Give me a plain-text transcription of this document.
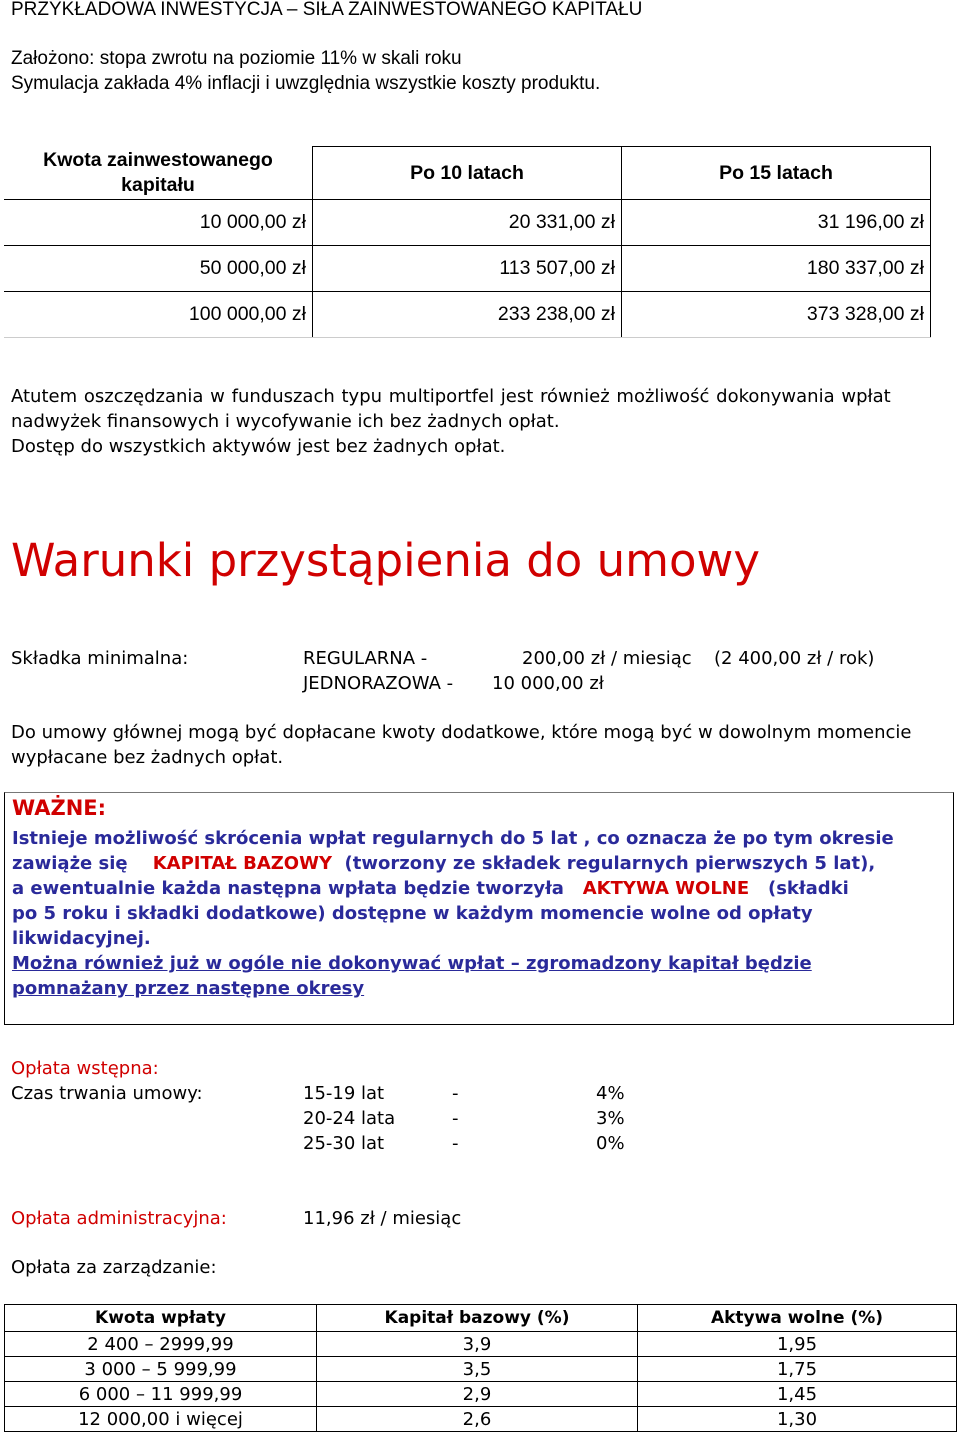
PRZYKŁADOWA INWESTYCJA – SIŁA ZAINWESTOWANEGO KAPITAŁU
Założono: stopa zwrotu na poziomie 11% w skali roku
Symulacja zakłada 4% inflacji i uwzględnia wszystkie koszty produktu.
Kwota zainwestowanego kapitału	Po 10 latach	Po 15 latach
10 000,00 zł	20 331,00 zł	31 196,00 zł
50 000,00 zł	113 507,00 zł	180 337,00 zł
100 000,00 zł	233 238,00 zł	373 328,00 zł
Atutem oszczędzania w funduszach typu multiportfel jest również możliwość dokonywania wpłat
nadwyżek finansowych i wycofywanie ich bez żadnych opłat.
Dostęp do wszystkich aktywów jest bez żadnych opłat.
Warunki przystąpienia do umowy
Składka minimalna:	REGULARNA -	200,00 zł / miesiąc (2 400,00 zł / rok)
JEDNORAZOWA - 10 000,00 zł
Do umowy głównej mogą być dopłacane kwoty dodatkowe, które mogą być w dowolnym momencie
wypłacane bez żadnych opłat.
WAŻNE:
Istnieje możliwość skrócenia wpłat regularnych do 5 lat , co oznacza że po tym okresie
zawiąże się KAPITAŁ BAZOWY (tworzony ze składek regularnych pierwszych 5 lat),
a ewentualnie każda następna wpłata będzie tworzyła AKTYWA WOLNE (składki
po 5 roku i składki dodatkowe) dostępne w każdym momencie wolne od opłaty
likwidacyjnej.
Można również już w ogóle nie dokonywać wpłat – zgromadzony kapitał będzie
pomnażany przez następne okresy
Opłata wstępna:
Czas trwania umowy:	15-19 lat	-	4%
20-24 lata	-	3%
25-30 lat	-	0%
Opłata administracyjna:	11,96 zł / miesiąc
Opłata za zarządzanie:
Kwota wpłaty	Kapitał bazowy (%)	Aktywa wolne (%)
2 400 – 2999,99	3,9	1,95
3 000 – 5 999,99	3,5	1,75
6 000 – 11 999,99	2,9	1,45
12 000,00 i więcej	2,6	1,30
